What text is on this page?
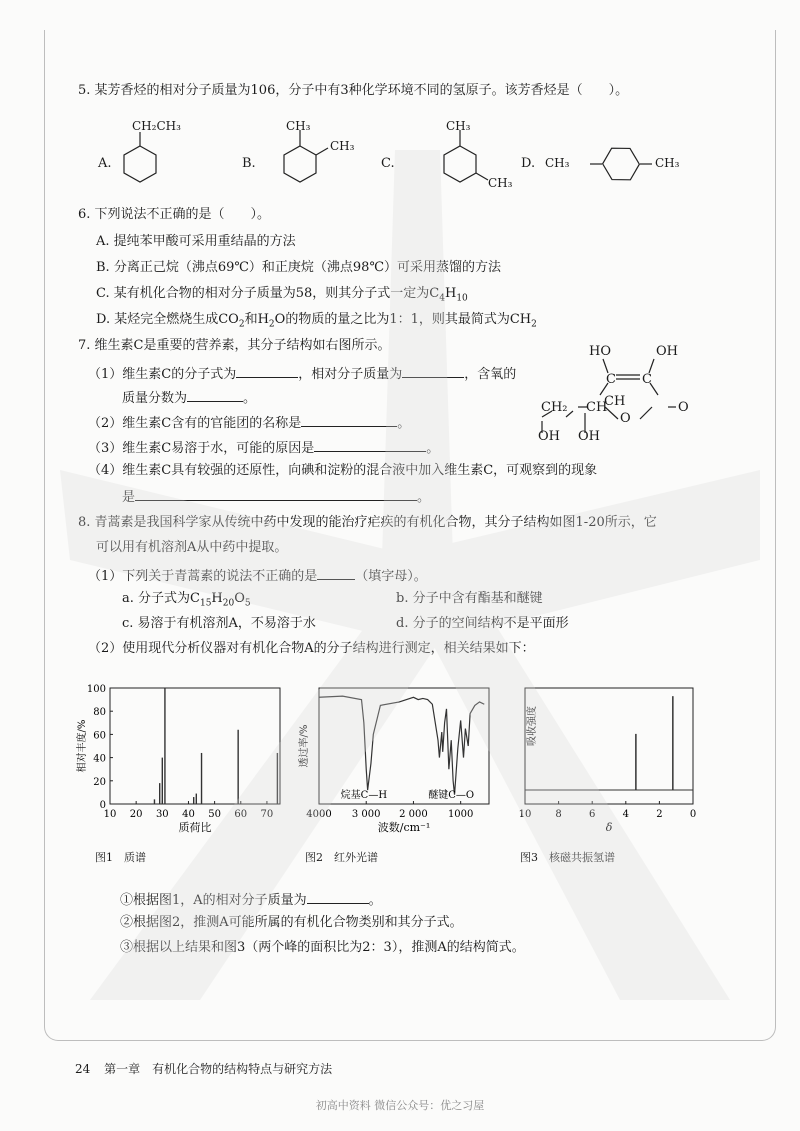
5. 某芳香烃的相对分子质量为106，分子中有3种化学环境不同的氢原子。该芳香烃是（　　）。
A.
CH₂CH₃
B.
CH₃
CH₃
C.
CH₃
CH₃
D. CH₃	CH₃
6. 下列说法不正确的是（　　）。
A. 提纯苯甲酸可采用重结晶的方法
B. 分离正己烷（沸点69℃）和正庚烷（沸点98℃）可采用蒸馏的方法
C. 某有机化合物的相对分子质量为58，则其分子式一定为$C_4H_{10}$
D. 某烃完全燃烧生成$CO_2$和$H_2O$的物质的量之比为1：1，则其最简式为$CH_2$
7. 维生素C是重要的营养素，其分子结构如右图所示。
（1）维生素C的分子式为	，相对分子质量为	，含氧的
质量分数为	。
（2）维生素C含有的官能团的名称是	。
（3）维生素C易溶于水，可能的原因是	。
（4）维生素C具有较强的还原性，向碘和淀粉的混合液中加入维生素C，可观察到的现象
是	。
HO	OH
C C
CH₂ CH
CH
O
O
OH OH
8. 青蒿素是我国科学家从传统中药中发现的能治疗疟疾的有机化合物，其分子结构如图1-20所示，它
可以用有机溶剂A从中药中提取。
（1）下列关于青蒿素的说法不正确的是	（填字母）。
a. 分子式为$C_{15}H_{20}O_5$	b. 分子中含有酯基和醚键
c. 易溶于有机溶剂A，不易溶于水	d. 分子的空间结构不是平面形
（2）使用现代分析仪器对有机化合物A的分子结构进行测定，相关结果如下：
0
20
40
60
80
100
10 20 30 40 50 60 70
质荷比
相对丰度/%
4000 3 000 2 000 1000
烷基C—H	醚键C—O
波数/cm⁻¹
透过率/%
10 8	6	4	2	0
δ
吸收强度
图1　质谱	图2　红外光谱	图3　核磁共振氢谱
①根据图1，A的相对分子质量为	。
②根据图2，推测A可能所属的有机化合物类别和其分子式。
③根据以上结果和图3（两个峰的面积比为2：3），推测A的结构简式。
24 第一章　有机化合物的结构特点与研究方法
初高中资料 微信公众号：优之习屋
